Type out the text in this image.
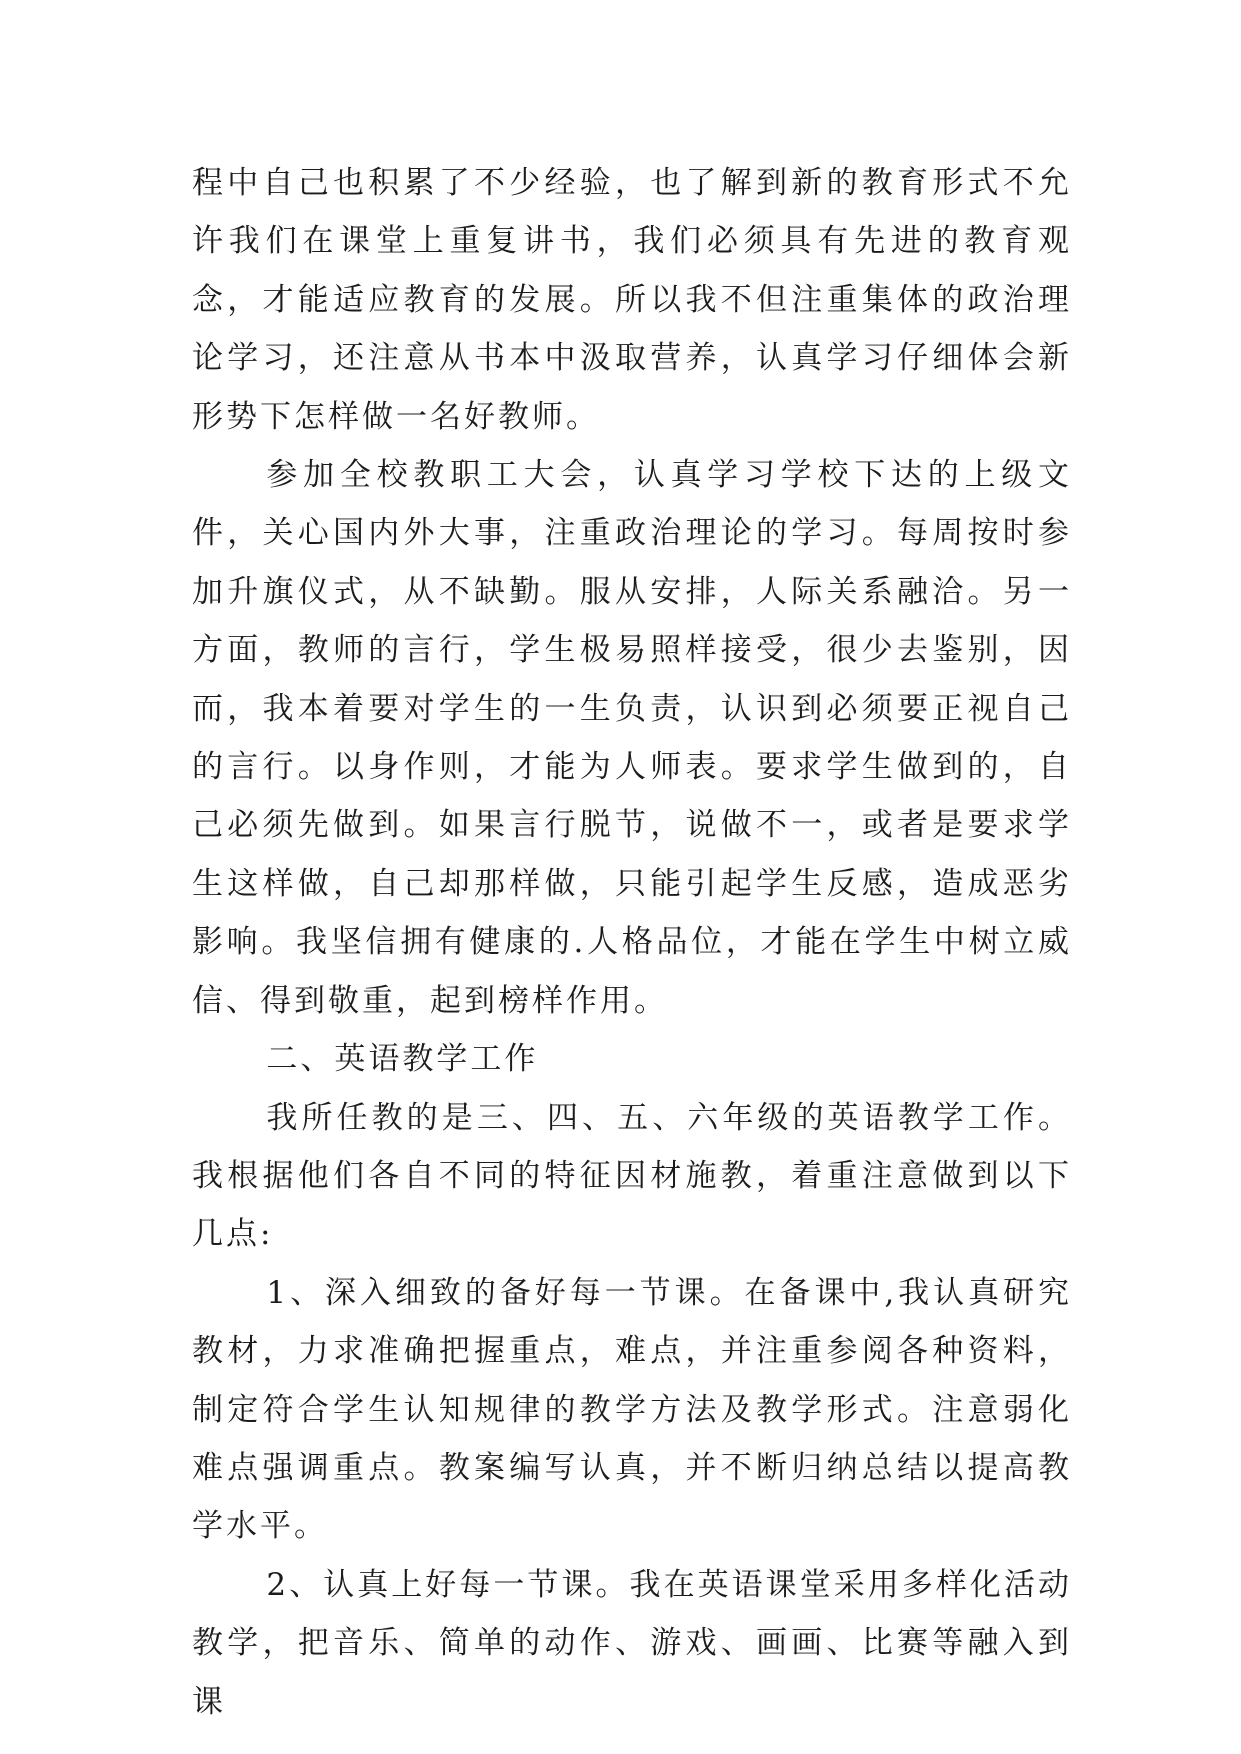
程中自己也积累了不少经验，也了解到新的教育形式不允许我们在课堂上重复讲书，我们必须具有先进的教育观念，才能适应教育的发展。所以我不但注重集体的政治理论学习，还注意从书本中汲取营养，认真学习仔细体会新形势下怎样做一名好教师。

参加全校教职工大会，认真学习学校下达的上级文件，关心国内外大事，注重政治理论的学习。每周按时参加升旗仪式，从不缺勤。服从安排，人际关系融洽。另一方面，教师的言行，学生极易照样接受，很少去鉴别，因而，我本着要对学生的一生负责，认识到必须要正视自己的言行。以身作则，才能为人师表。要求学生做到的，自己必须先做到。如果言行脱节，说做不一，或者是要求学生这样做，自己却那样做，只能引起学生反感，造成恶劣影响。我坚信拥有健康的.人格品位，才能在学生中树立威信、得到敬重，起到榜样作用。

二、英语教学工作

我所任教的是三、四、五、六年级的英语教学工作。我根据他们各自不同的特征因材施教，着重注意做到以下几点:

1、深入细致的备好每一节课。在备课中,我认真研究教材，力求准确把握重点，难点，并注重参阅各种资料，制定符合学生认知规律的教学方法及教学形式。注意弱化难点强调重点。教案编写认真，并不断归纳总结以提高教学水平。

2、认真上好每一节课。我在英语课堂采用多样化活动教学，把音乐、简单的动作、游戏、画画、比赛等融入到课
